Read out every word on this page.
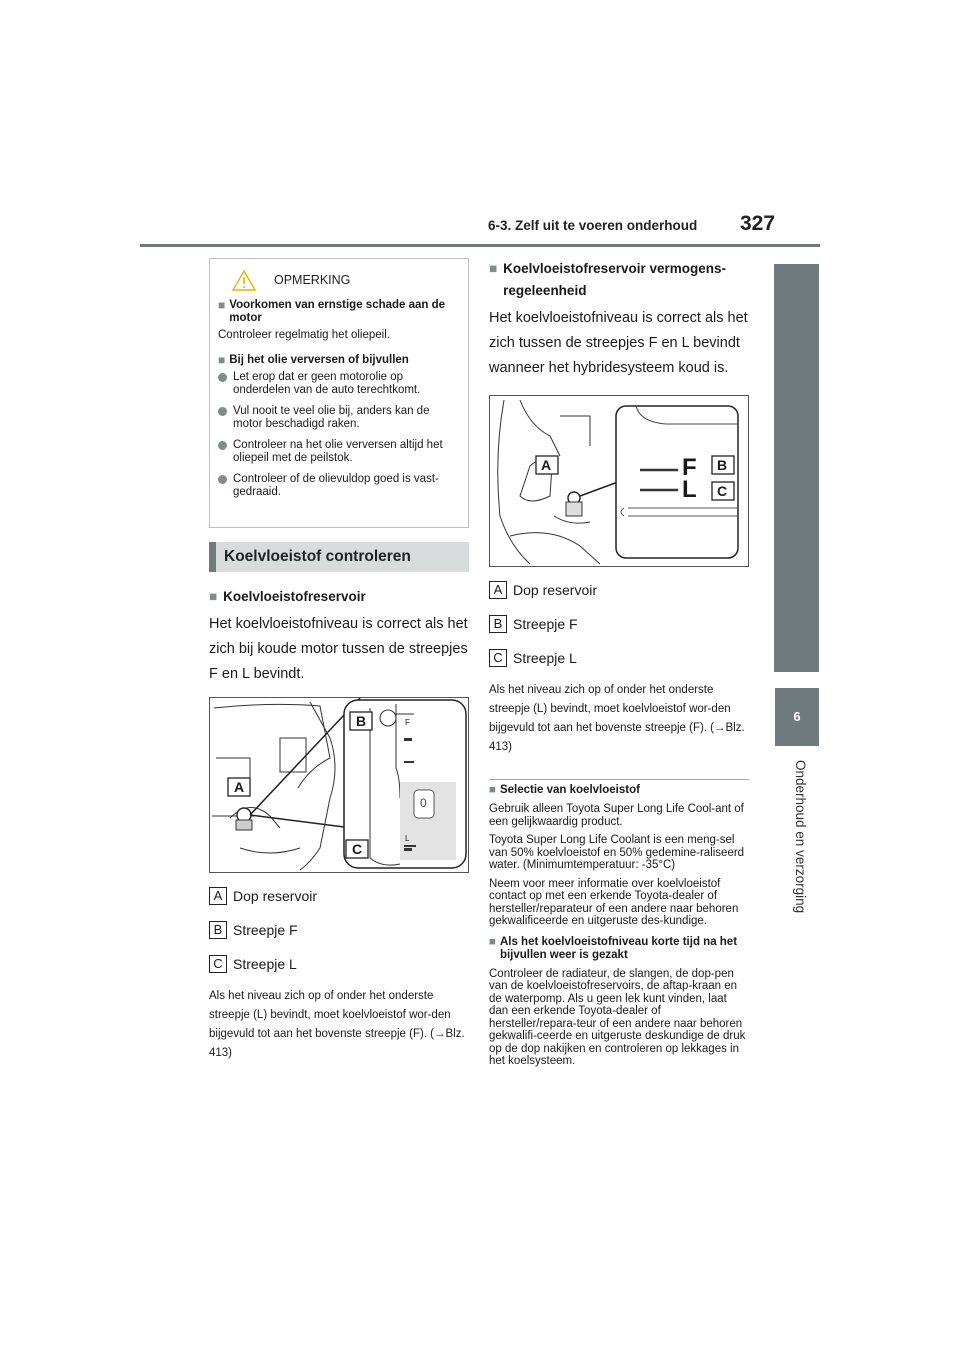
6-3. Zelf uit te voeren onderhoud 327
6
Onderhoud en verzorging
OPMERKING
■ Voorkomen van ernstige schade aan de motor
Controleer regelmatig het oliepeil.
■ Bij het olie verversen of bijvullen
Let erop dat er geen motorolie op onderdelen van de auto terechtkomt.
Vul nooit te veel olie bij, anders kan de motor beschadigd raken.
Controleer na het olie verversen altijd het oliepeil met de peilstok.
Controleer of de olievuldop goed is vast-gedraaid.
Koelvloeistof controleren
■ Koelvloeistofreservoir
Het koelvloeistofniveau is correct als het zich bij koude motor tussen de streepjes F en L bevindt.
B
C
A
F
L
0
A Dop reservoir
B Streepje F
C Streepje L
Als het niveau zich op of onder het onderste streepje (L) bevindt, moet koelvloeistof wor-den bijgevuld tot aan het bovenste streepje (F). (→Blz. 413)
■ Koelvloeistofreservoir vermogens-regeleenheid
Het koelvloeistofniveau is correct als het zich tussen de streepjes F en L bevindt wanneer het hybridesysteem koud is.
A	B
C
F
L
A Dop reservoir
B Streepje F
C Streepje L
Als het niveau zich op of onder het onderste streepje (L) bevindt, moet koelvloeistof wor-den bijgevuld tot aan het bovenste streepje (F). (→Blz. 413)
■ Selectie van koelvloeistof
Gebruik alleen Toyota Super Long Life Cool-ant of een gelijkwaardig product.
Toyota Super Long Life Coolant is een meng-sel van 50% koelvloeistof en 50% gedemine-raliseerd water. (Minimumtemperatuur: -35°C)
Neem voor meer informatie over koelvloeistof contact op met een erkende Toyota-dealer of hersteller/reparateur of een andere naar behoren gekwalificeerde en uitgeruste des-kundige.
■ Als het koelvloeistofniveau korte tijd na het bijvullen weer is gezakt
Controleer de radiateur, de slangen, de dop-pen van de koelvloeistofreservoirs, de aftap-kraan en de waterpomp. Als u geen lek kunt vinden, laat dan een erkende Toyota-dealer of hersteller/repara-teur of een andere naar behoren gekwalifi-ceerde en uitgeruste deskundige de druk op de dop nakijken en controleren op lekkages in het koelsysteem.
